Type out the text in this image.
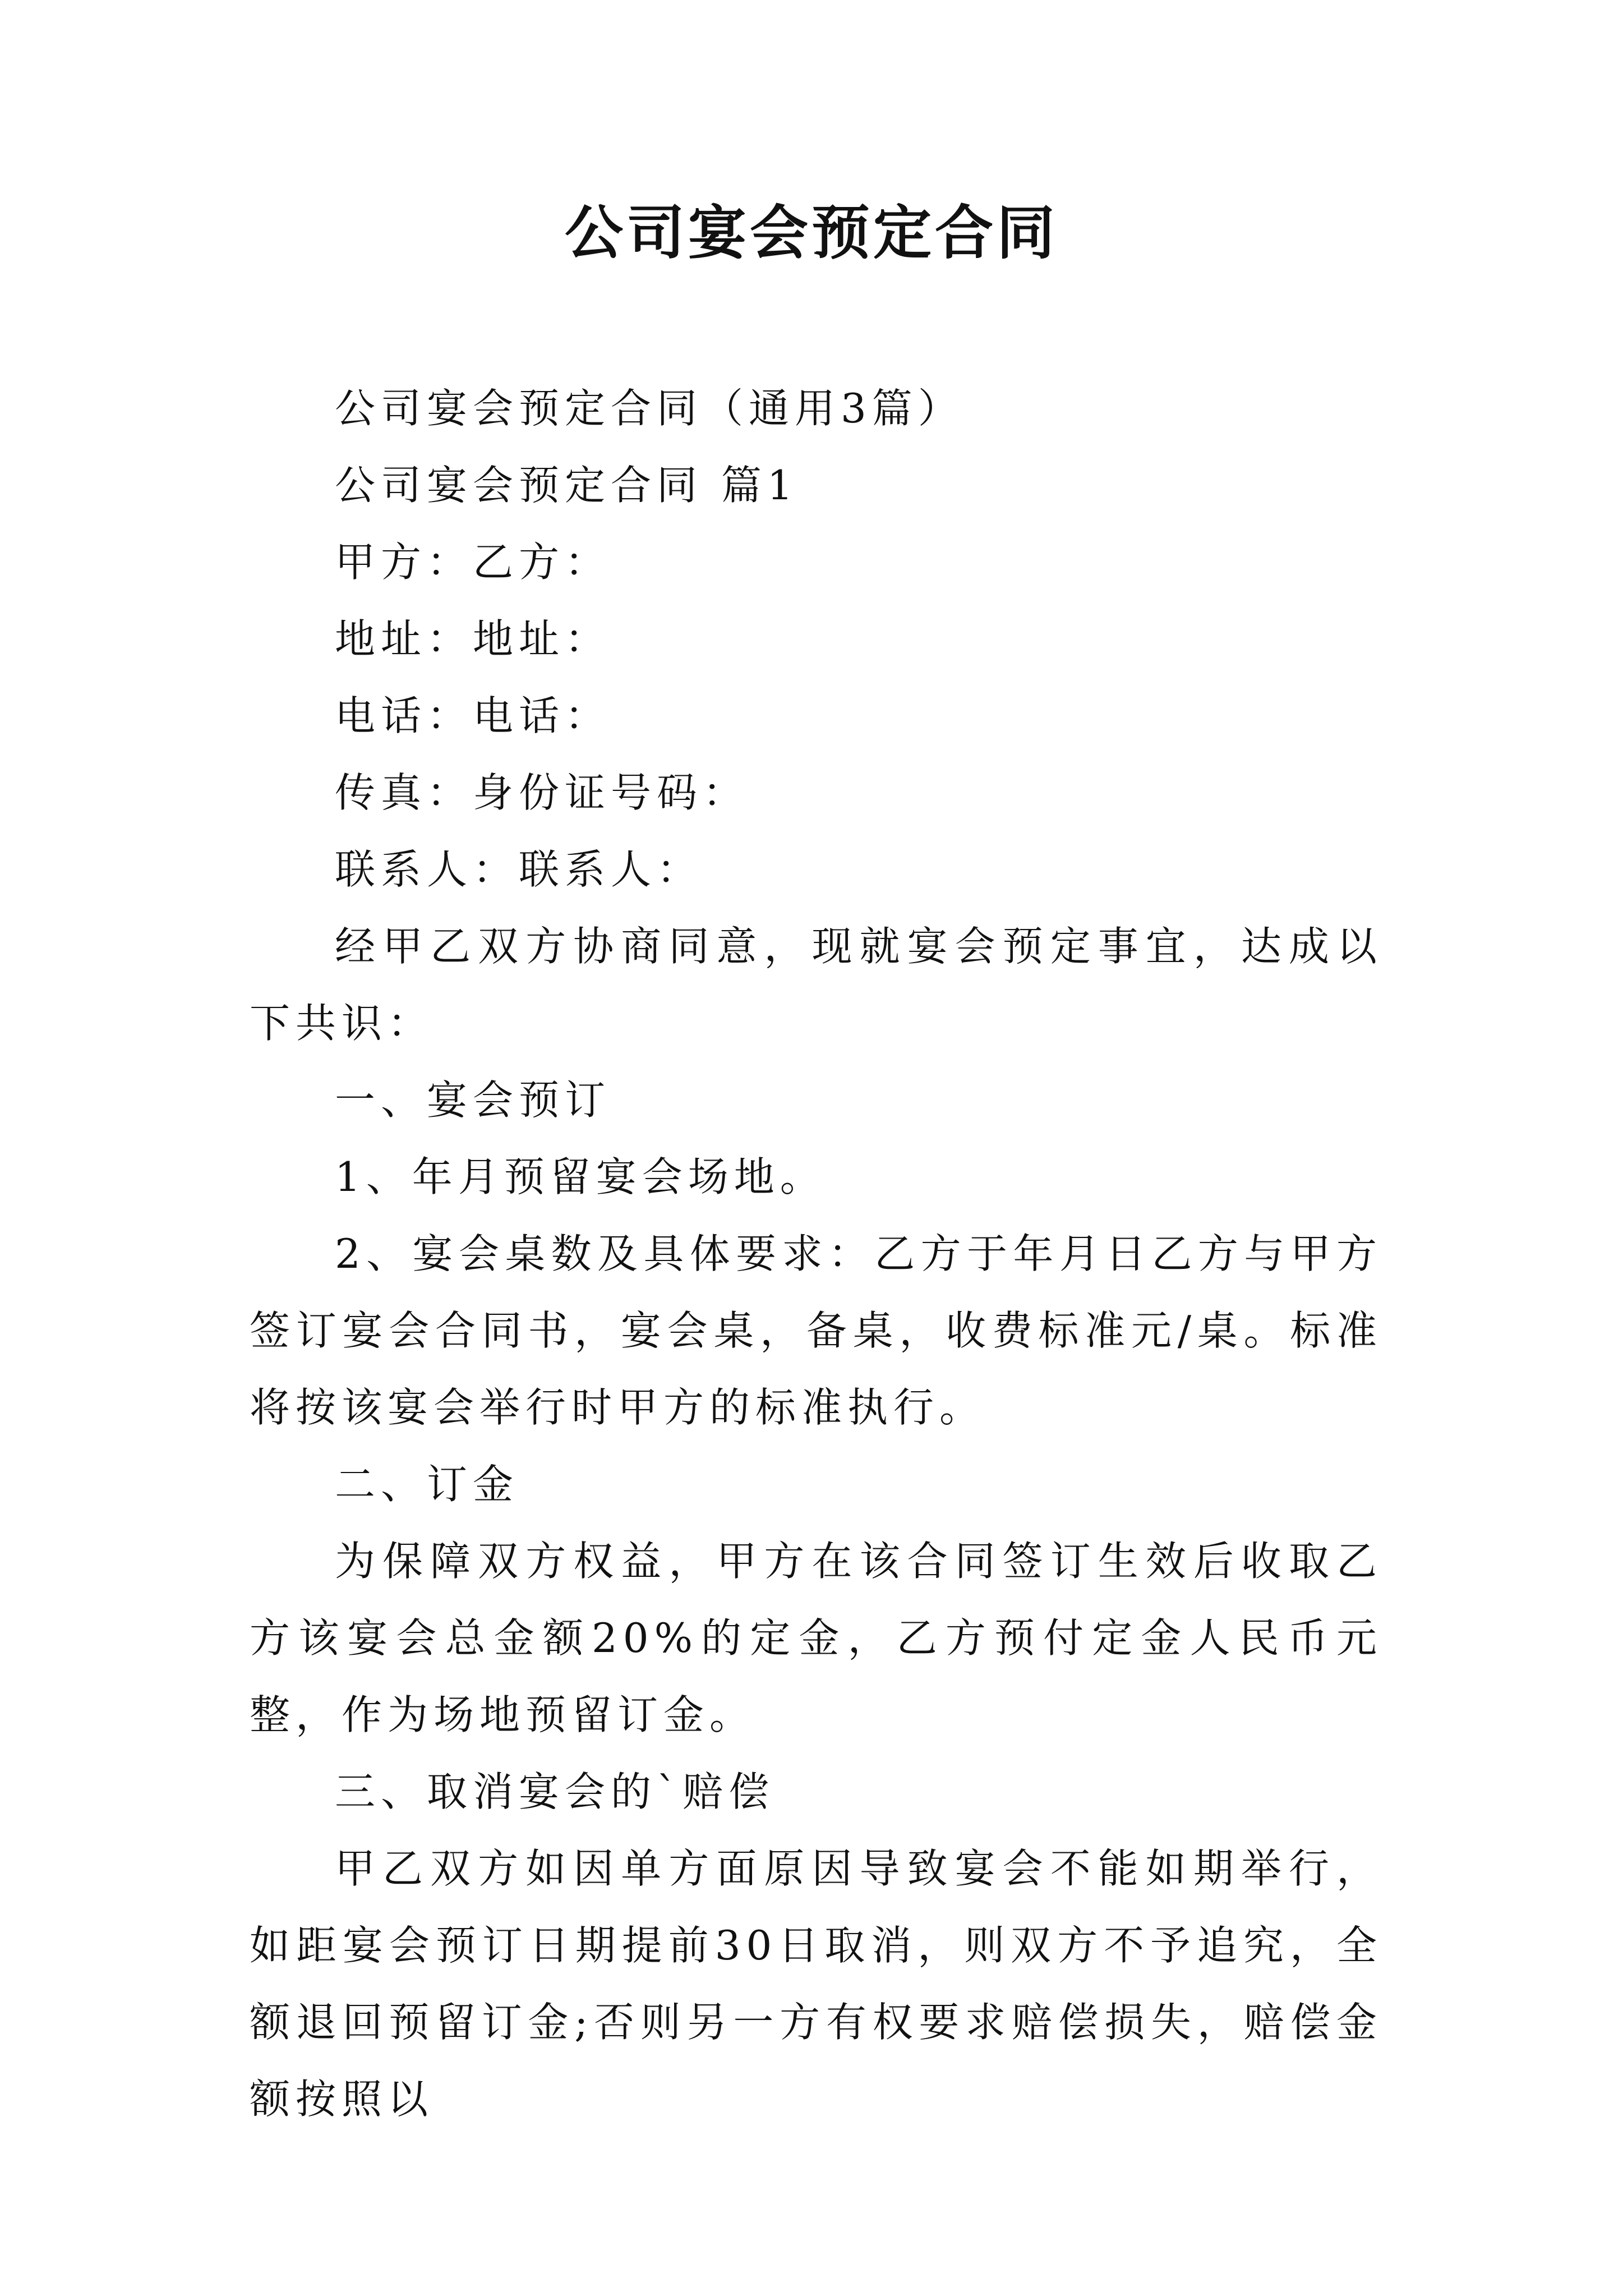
公司宴会预定合同

公司宴会预定合同（通用3篇）

公司宴会预定合同 篇1

甲方：乙方：

地址：地址：

电话：电话：

传真：身份证号码：

联系人：联系人：

经甲乙双方协商同意，现就宴会预定事宜，达成以下共识：

一、宴会预订

1、年月预留宴会场地。

2、宴会桌数及具体要求：乙方于年月日乙方与甲方签订宴会合同书，宴会桌，备桌，收费标准元/桌。标准将按该宴会举行时甲方的标准执行。

二、订金

为保障双方权益，甲方在该合同签订生效后收取乙方该宴会总金额20%的定金，乙方预付定金人民币元整，作为场地预留订金。

三、取消宴会的`赔偿

甲乙双方如因单方面原因导致宴会不能如期举行，如距宴会预订日期提前30日取消，则双方不予追究，全额退回预留订金;否则另一方有权要求赔偿损失，赔偿金额按照以
